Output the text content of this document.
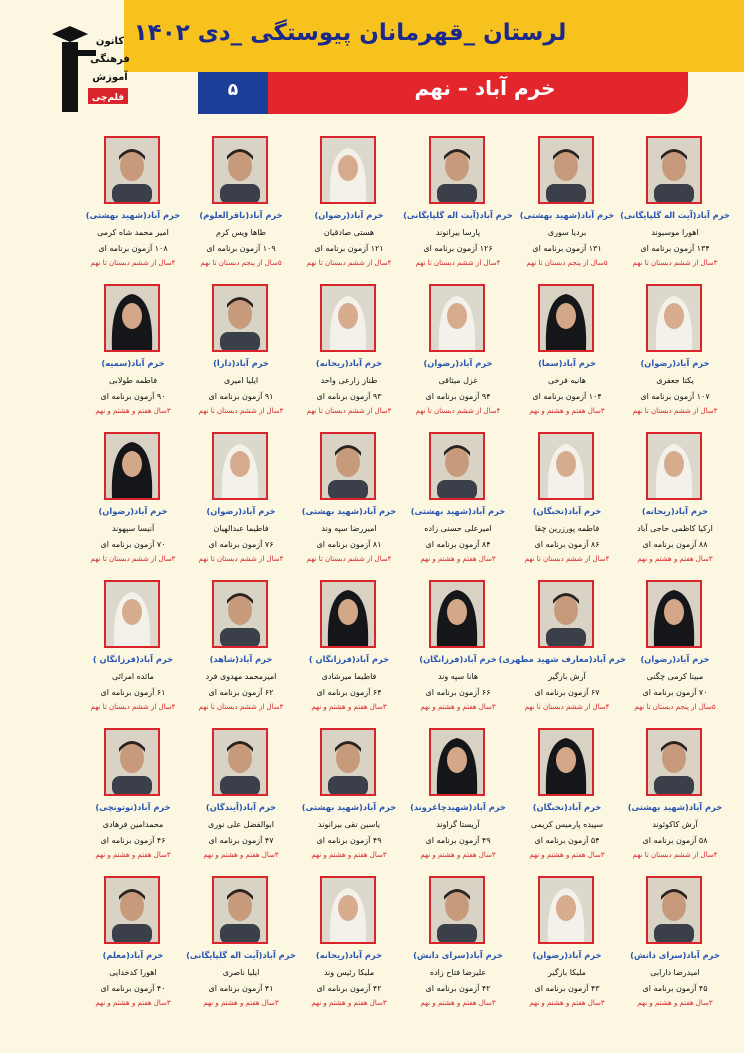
لرستان _قهرمانان پیوستگی _دی ۱۴۰۲
خرم آباد – نهم
۵
کانون
فرهنگی
آموزش
قلم‌چی
خرم آباد(آیت اله گلپایگانی)
اهورا موسیوند
۱۳۴ آزمون برنامه ای
۳سال از ششم دبستان تا نهم
خرم آباد(شهید بهشتی)
بردیا سوری
۱۳۱ آزمون برنامه ای
۵سال از پنجم دبستان تا نهم
خرم آباد(آیت اله گلپایگانی)
پارسا بیرانوند
۱۲۶ آزمون برنامه ای
۴سال از ششم دبستان تا نهم
خرم آباد(رضوان)
هستی صادقیان
۱۲۱ آزمون برنامه ای
۴سال از ششم دبستان تا نهم
خرم آباد(باقرالعلوم)
طاها ویس کرم
۱۰۹ آزمون برنامه ای
۵سال از پنجم دبستان تا نهم
خرم آباد(شهید بهشتی)
امیر محمد شاه کرمی
۱۰۸ آزمون برنامه ای
۴سال از ششم دبستان تا نهم
خرم آباد(رضوان)
یکتا جعفری
۱۰۷ آزمون برنامه ای
۴سال از ششم دبستان تا نهم
خرم آباد(سما)
هانیه فرخی
۱۰۴ آزمون برنامه ای
۳سال هفتم و هشتم و نهم
خرم آباد(رضوان)
غزل میثاقی
۹۴ آزمون برنامه ای
۴سال از ششم دبستان تا نهم
خرم آباد(ریحانه)
طناز زارعی واحد
۹۳ آزمون برنامه ای
۳سال از ششم دبستان تا نهم
خرم آباد(دارا)
ایلیا امیری
۹۱ آزمون برنامه ای
۴سال از ششم دبستان تا نهم
خرم آباد(سمیه)
فاطمه طولابی
۹۰ آزمون برنامه ای
۳سال هفتم و هشتم و نهم
خرم آباد(ریحانه)
ارکیا کاظمی حاجی آباد
۸۸ آزمون برنامه ای
۳سال هفتم و هشتم و نهم
خرم آباد(نخبگان)
فاطمه پورزرین چقا
۸۶ آزمون برنامه ای
۴سال از ششم دبستان تا نهم
خرم آباد(شهید بهشتی)
امیرعلی حسنی زاده
۸۴ آزمون برنامه ای
۳سال هفتم و هشتم و نهم
خرم آباد(شهید بهشتی)
امیررضا سپه وند
۸۱ آزمون برنامه ای
۴سال از ششم دبستان تا نهم
خرم آباد(رضوان)
فاطیما عبدالهیان
۷۶ آزمون برنامه ای
۴سال از ششم دبستان تا نهم
خرم آباد(رضوان)
آنیسا سپهوند
۷۰ آزمون برنامه ای
۳سال از ششم دبستان تا نهم
خرم آباد(رضوان)
مبینا کرمی چگنی
۷۰ آزمون برنامه ای
۵سال از پنجم دبستان تا نهم
خرم آباد(معارف شهید مطهری)
آرش بازگیر
۶۷ آزمون برنامه ای
۴سال از ششم دبستان تا نهم
خرم آباد(فرزانگان)
هانا سپه وند
۶۶ آزمون برنامه ای
۳سال هفتم و هشتم و نهم
خرم آباد(فرزانگان )
فاطیما میرشادی
۶۴ آزمون برنامه ای
۳سال هفتم و هشتم و نهم
خرم آباد(شاهد)
امیرمحمد مهدوی فرد
۶۲ آزمون برنامه ای
۴سال از ششم دبستان تا نهم
خرم آباد(فرزانگان )
مائده امرائی
۶۱ آزمون برنامه ای
۴سال از ششم دبستان تا نهم
خرم آباد(شهید بهشتی)
آرش کاکوئوند
۵۸ آزمون برنامه ای
۴سال از ششم دبستان تا نهم
خرم آباد(نخبگان)
سپیده پارمیس کریمی
۵۴ آزمون برنامه ای
۳سال هفتم و هشتم و نهم
خرم آباد(شهیدچاغروند)
آریستا گراوند
۴۹ آزمون برنامه ای
۳سال هفتم و هشتم و نهم
خرم آباد(شهید بهشتی)
یاسین نقی بیرانوند
۴۹ آزمون برنامه ای
۳سال هفتم و هشتم و نهم
خرم آباد(آیندگان)
ابوالفضل علی نوری
۴۷ آزمون برنامه ای
۳سال هفتم و هشتم و نهم
خرم آباد(توتونچی)
محمدامین فرهادی
۴۶ آزمون برنامه ای
۳سال هفتم و هشتم و نهم
خرم آباد(سرای دانش)
امیدرضا دارابی
۴۵ آزمون برنامه ای
۳سال هفتم و هشتم و نهم
خرم آباد(رضوان)
ملیکا بازگیر
۴۳ آزمون برنامه ای
۳سال هفتم و هشتم و نهم
خرم آباد(سرای دانش)
علیرضا فتاح زاده
۴۲ آزمون برنامه ای
۳سال هفتم و هشتم و نهم
خرم آباد(ریحانه)
ملیکا رئیس وند
۴۲ آزمون برنامه ای
۳سال هفتم و هشتم و نهم
خرم آباد(آیت اله گلپایگانی)
ایلیا ناصری
۴۱ آزمون برنامه ای
۳سال هفتم و هشتم و نهم
خرم آباد(معلم)
اهورا کدخدایی
۴۰ آزمون برنامه ای
۳سال هفتم و هشتم و نهم
